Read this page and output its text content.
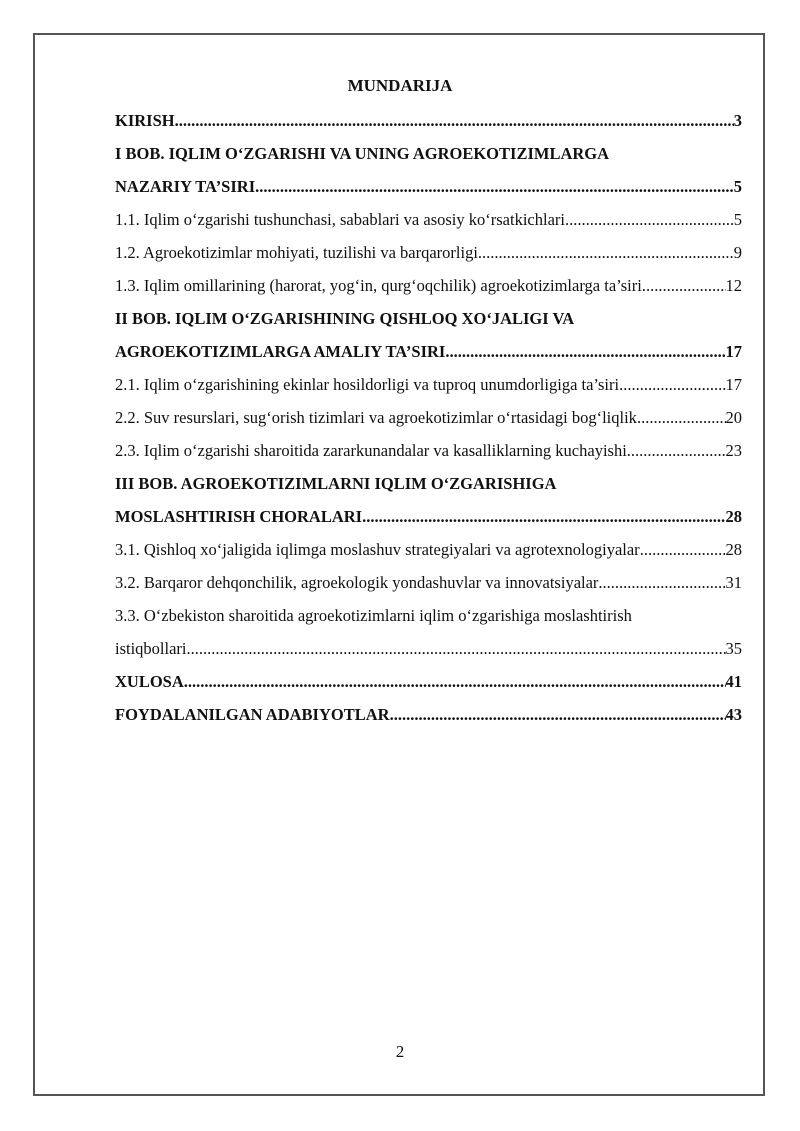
MUNDARIJA
KIRISH .....	3
I BOB. IQLIM O‘ZGARISHI VA UNING AGROEKOTIZIMLARGA
NAZARIY TA’SIRI .....	5
1.1. Iqlim o‘zgarishi tushunchasi, sabablari va asosiy ko‘rsatkichlari .....	5
1.2. Agroekotizimlar mohiyati, tuzilishi va barqarorligi .....	9
1.3. Iqlim omillarining (harorat, yog‘in, qurg‘oqchilik) agroekotizimlarga ta’siri .....	12
II BOB. IQLIM O‘ZGARISHINING QISHLOQ XO‘JALIGI VA
AGROEKOTIZIMLARGA AMALIY TA’SIRI .....	17
2.1. Iqlim o‘zgarishining ekinlar hosildorligi va tuproq unumdorligiga ta’siri .....	17
2.2. Suv resurslari, sug‘orish tizimlari va agroekotizimlar o‘rtasidagi bog‘liqlik .....	20
2.3. Iqlim o‘zgarishi sharoitida zararkunandalar va kasalliklarning kuchayishi .....	23
III BOB. AGROEKOTIZIMLARNI IQLIM O‘ZGARISHIGA
MOSLASHTIRISH CHORALARI .....	28
3.1. Qishloq xo‘jaligida iqlimga moslashuv strategiyalari va agrotexnologiyalar .....	28
3.2. Barqaror dehqonchilik, agroekologik yondashuvlar va innovatsiyalar .....	31
3.3. O‘zbekiston sharoitida agroekotizimlarni iqlim o‘zgarishiga moslashtirish
istiqbollari .....	35
XULOSA .....	41
FOYDALANILGAN ADABIYOTLAR .....	43
2
